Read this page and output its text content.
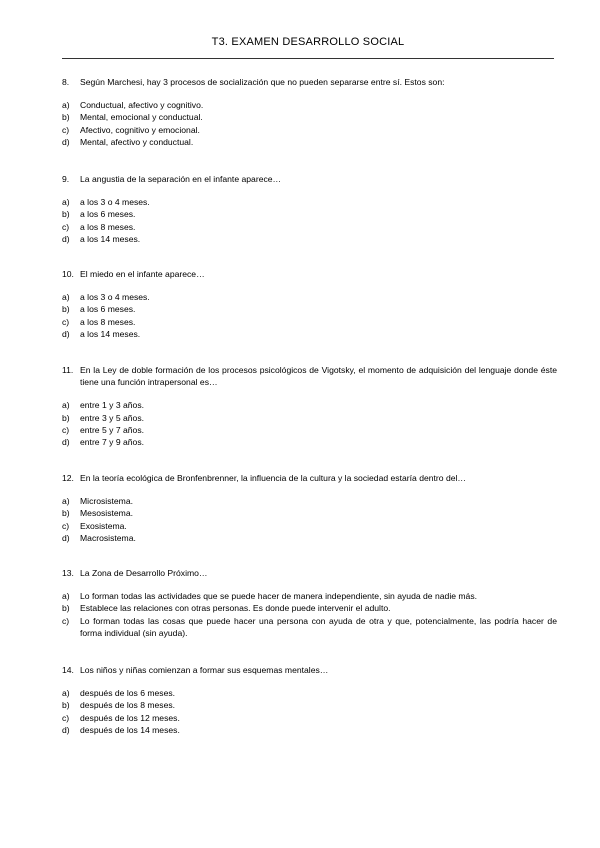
T3. EXAMEN DESARROLLO SOCIAL
8.	Según Marchesi, hay 3 procesos de socialización que no pueden separarse entre sí. Estos son:
a)	Conductual, afectivo y cognitivo.
b)	Mental, emocional y conductual.
c)	Afectivo, cognitivo y emocional.
d)	Mental, afectivo y conductual.
9.	La angustia de la separación en el infante aparece…
a)	a los 3 o 4 meses.
b)	a los 6 meses.
c)	a los 8 meses.
d)	a los 14 meses.
10. El miedo en el infante aparece…
a)	a los 3 o 4 meses.
b)	a los 6 meses.
c)	a los 8 meses.
d)	a los 14 meses.
11. En la Ley de doble formación de los procesos psicológicos de Vigotsky, el momento de adquisición del lenguaje donde éste tiene una función intrapersonal es…
a)	entre 1 y 3 años.
b)	entre 3 y 5 años.
c)	entre 5 y 7 años.
d)	entre 7 y 9 años.
12. En la teoría ecológica de Bronfenbrenner, la influencia de la cultura y la sociedad estaría dentro del…
a)	Microsistema.
b)	Mesosistema.
c)	Exosistema.
d)	Macrosistema.
13. La Zona de Desarrollo Próximo…
a)	Lo forman todas las actividades que se puede hacer de manera independiente, sin ayuda de nadie más.
b)	Establece las relaciones con otras personas. Es donde puede intervenir el adulto.
c)	Lo forman todas las cosas que puede hacer una persona con ayuda de otra y que, potencialmente, las podría hacer de forma individual (sin ayuda).
14. Los niños y niñas comienzan a formar sus esquemas mentales…
a)	después de los 6 meses.
b)	después de los 8 meses.
c)	después de los 12 meses.
d)	después de los 14 meses.
